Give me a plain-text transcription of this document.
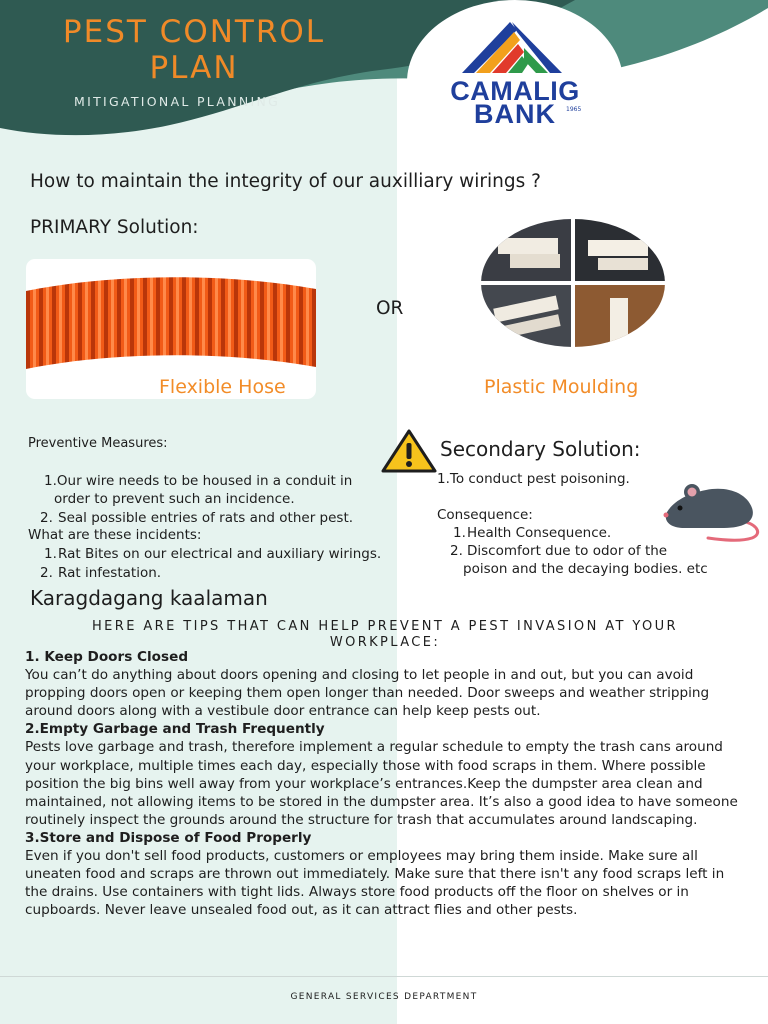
PEST CONTROL
PLAN
MITIGATIONAL PLANNING	CAMALIG
BANK	1965
How to maintain the integrity of our auxilliary wirings ?
PRIMARY Solution:
Flexible Hose
OR
Plastic Moulding
Preventive Measures:
1.Our wire needs to be housed in a conduit in
order to prevent such an incidence.
2. Seal possible entries of rats and other pest.
What are these incidents:
1. Rat Bites on our electrical and auxiliary wirings.
2. Rat infestation.
Secondary Solution:
1.To conduct pest poisoning.
Consequence:
1. Health Consequence.
2. Discomfort due to odor of the
poison and the decaying bodies. etc
Karagdagang kaalaman
HERE ARE TIPS THAT CAN HELP PREVENT A PEST INVASION AT YOUR WORKPLACE:

1. Keep Doors Closed

You can’t do anything about doors opening and closing to let people in and out, but you can avoid propping doors open or keeping them open longer than needed. Door sweeps and weather stripping around doors along with a vestibule door entrance can help keep pests out.

2.Empty Garbage and Trash Frequently

Pests love garbage and trash, therefore implement a regular schedule to empty the trash cans around your workplace, multiple times each day, especially those with food scraps in them. Where possible position the big bins well away from your workplace’s entrances.Keep the dumpster area clean and maintained, not allowing items to be stored in the dumpster area. It’s also a good idea to have someone routinely inspect the grounds around the structure for trash that accumulates around landscaping.

3.Store and Dispose of Food Properly

Even if you don't sell food products, customers or employees may bring them inside. Make sure all uneaten food and scraps are thrown out immediately. Make sure that there isn't any food scraps left in the drains. Use containers with tight lids. Always store food products off the floor on shelves or in cupboards. Never leave unsealed food out, as it can attract flies and other pests.

GENERAL SERVICES DEPARTMENT
